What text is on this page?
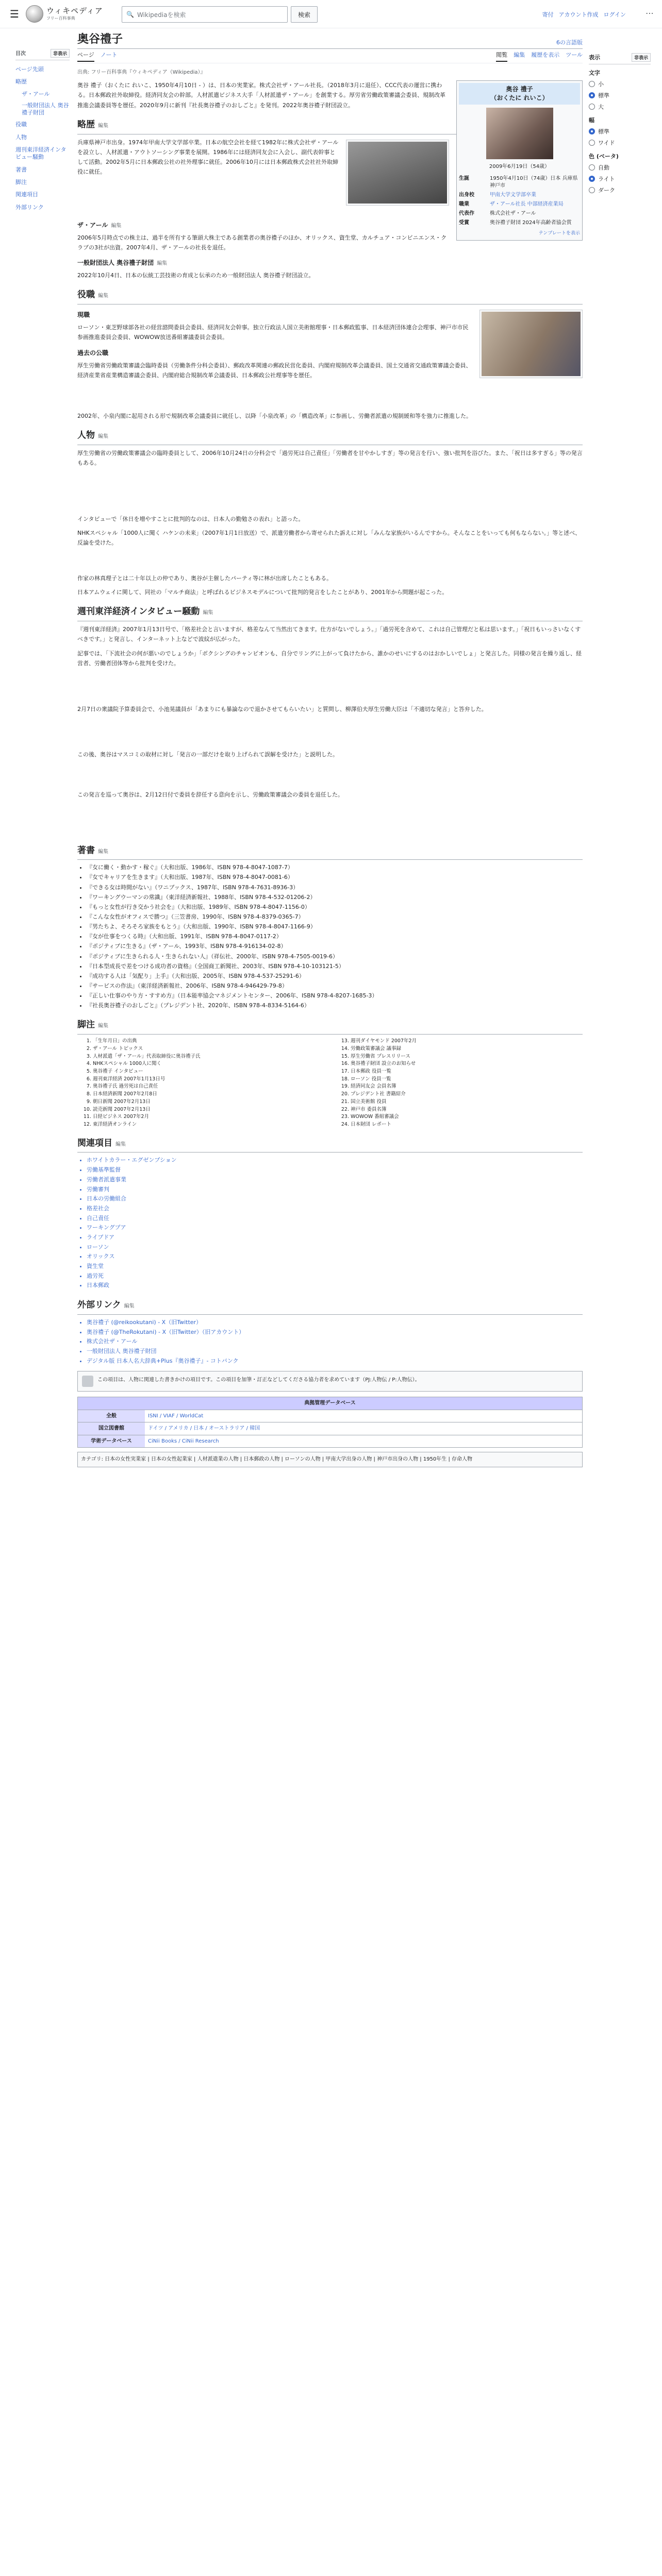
☰	ウィキペディア
フリー百科事典
🔍 Wikipediaを検索	検索	寄付 アカウント作成 ログイン ⋯
目次	非表示
ページ先頭
略歴
ザ・アール
一般財団法人 奥谷禮子財団
役職
人物
週刊東洋経済インタビュー騒動
著書
脚注
関連項目
外部リンク
表示	非表示
文字
小
標準
大
幅
標準
ワイド
色 (ベータ)
自動
ライト
ダーク
奥谷禮子	6の言語版
ページ ノート	閲覧 編集 履歴を表示 ツール
出典: フリー百科事典『ウィキペディア（Wikipedia）』
奥谷 禮子
（おくたに れいこ）
2009年6月19日（54歳）
生誕	1950年4月10日（74歳）日本 兵庫県神戸市
出身校	甲南大学文学部卒業
職業	ザ・アール社長 中部経済産業局
代表作	株式会社ザ・アール
受賞	奥谷禮子財団 2024年高齢者協会賞
テンプレートを表示

奥谷 禮子（おくたに れいこ、1950年4月10日 - ）は、日本の実業家。株式会社ザ・アール社長。（2018年3月に退任）、CCC代表の運営に携わる。日本郵政社外取締役。経済同友会の幹部。人材派遣ビジネス大手「人材派遣ザ・アール」を創業する。厚労省労働政策審議会委員、規制改革推進会議委員等を歴任。2020年9月に新刊『社長奥谷禮子のおしごと』を発刊。2022年奥谷禮子財団設立。

略歴 編集

兵庫県神戸市出身。1974年甲南大学文学部卒業。日本の航空会社を経て1982年に株式会社ザ・アールを設立し、人材派遣・アウトソーシング事業を展開。1986年には経済同友会に入会し、副代表幹事として活動。2002年5月に日本郵政公社の社外理事に就任。2006年10月には日本郵政株式会社社外取締役に就任。

ザ・アール 編集

2006年5月時点での株主は、過半を所有する筆頭大株主である創業者の奥谷禮子のほか、オリックス、資生堂、カルチュア・コンビニエンス・クラブの3社が出資。2007年4月、ザ・アールの社長を退任。

一般財団法人 奥谷禮子財団 編集

2022年10月4日、日本の伝統工芸技術の育成と伝承のため一般財団法人 奥谷禮子財団設立。

役職 編集
現職

ローソン・東芝野球部各社の経営諮問委員会委員、経済同友会幹事。独立行政法人国立美術館理事・日本郵政監事、日本経済団体連合会理事、神戸市市民参画推進委員会委員、WOWOW放送番組審議委員会委員。

過去の公職

厚生労働省労働政策審議会臨時委員（労働条件分科会委員）、郵政改革関連の郵政民営化委員、内閣府規制改革会議委員、国土交通省交通政策審議会委員、経済産業省産業構造審議会委員、内閣府総合規制改革会議委員、日本郵政公社理事等を歴任。

2002年、小泉内閣に起用される形で規制改革会議委員に就任し、以降「小泉改革」の「構造改革」に参画し、労働者派遣の規制緩和等を強力に推進した。

人物 編集

厚生労働省の労働政策審議会の臨時委員として、2006年10月24日の分科会で「過労死は自己責任」「労働者を甘やかしすぎ」等の発言を行い、強い批判を浴びた。また、「祝日は多すぎる」等の発言もある。

インタビューで「休日を増やすことに批判的なのは、日本人の勤勉さの表れ」と語った。

NHKスペシャル「1000人に聞く ハケンの未来」（2007年1月1日放送）で、派遣労働者から寄せられた訴えに対し「みんな家族がいるんですから。そんなことをいっても何もならない。」等と述べ、反論を受けた。

作家の林真理子とは二十年以上の仲であり、奥谷が主催したパーティ等に林が出席したこともある。

日本アムウェイに関して、同社の「マルチ商法」と呼ばれるビジネスモデルについて批判的発言をしたことがあり、2001年から問題が起こった。

週刊東洋経済インタビュー騒動 編集

『週刊東洋経済』2007年1月13日号で、「格差社会と言いますが、格差なんて当然出てきます。仕方がないでしょう。」「過労死を含めて、これは自己管理だと私は思います。」「祝日もいっさいなくすべきです。」と発言し、インターネット上などで波紋が広がった。

記事では、「下流社会の何が悪いのでしょうか」「ボクシングのチャンピオンも、自分でリングに上がって負けたから、誰かのせいにするのはおかしいでしょ」と発言した。同様の発言を繰り返し、経営者、労働者団体等から批判を受けた。

2月7日の衆議院予算委員会で、小池晃議員が「あまりにも暴論なので退かさせてもらいたい」と質問し、柳澤伯夫厚生労働大臣は「不適切な発言」と答弁した。

この後、奥谷はマスコミの取材に対し「発言の一部だけを取り上げられて誤解を受けた」と説明した。

この発言を巡って奥谷は、2月12日付で委員を辞任する意向を示し、労働政策審議会の委員を退任した。

著書 編集
• 『女に働く・動かす・稼ぐ』（大和出版、1986年、ISBN 978-4-8047-1087-7）
• 『女でキャリアを生きます』（大和出版、1987年、ISBN 978-4-8047-0081-6）
• 『できる女は時間がない』（ワニブックス、1987年、ISBN 978-4-7631-8936-3）
• 『ワーキングウーマンの常識』（東洋経済新報社、1988年、ISBN 978-4-532-01206-2）
• 『もっと女性が行き交かう社会を』（大和出版、1989年、ISBN 978-4-8047-1156-0）
• 『こんな女性がオフィスで勝つ』（三笠書房、1990年、ISBN 978-4-8379-0365-7）
• 『男たちよ、そろそろ家族をもとう』（大和出版、1990年、ISBN 978-4-8047-1166-9）
• 『女が仕事をつくる時』（大和出版、1991年、ISBN 978-4-8047-0117-2）
• 『ポジティブに生きる』（ザ・アール、1993年、ISBN 978-4-916134-02-8）
• 『ポジティブに生きられる人・生きられない人』（祥伝社、2000年、ISBN 978-4-7505-0019-6）
• 『日本型成長で差をつける成功者の資格』（全国商工新聞社、2003年、ISBN 978-4-10-103121-5）
• 『成功する人は「気配り」上手』（大和出版、2005年、ISBN 978-4-537-25291-6）
• 『サービスの作法』（東洋経済新報社、2006年、ISBN 978-4-946429-79-8）
• 『正しい仕事のやり方・すすめ方』（日本能率協会マネジメントセンター、2006年、ISBN 978-4-8207-1685-3）
• 『社長奥谷禮子のおしごと』（プレジデント社、2020年、ISBN 978-4-8334-5164-6）
脚注 編集
1. 「生年月日」の出典
2. ザ・アール トピックス
3. 人材派遣「ザ・アール」代表取締役に奥谷禮子氏
4. NHKスペシャル 1000人に聞く
5. 奥谷禮子 インタビュー
6. 週刊東洋経済 2007年1月13日号
7. 奥谷禮子氏 過労死は自己責任
8. 日本経済新聞 2007年2月8日
9. 朝日新聞 2007年2月13日
10. 読売新聞 2007年2月13日
11. 日経ビジネス 2007年2月
12. 東洋経済オンライン
13. 週刊ダイヤモンド 2007年2月
14. 労働政策審議会 議事録
15. 厚生労働省 プレスリリース
16. 奥谷禮子財団 設立のお知らせ
17. 日本郵政 役員一覧
18. ローソン 役員一覧
19. 経済同友会 会員名簿
20. プレジデント社 書籍紹介
21. 国立美術館 役員
22. 神戸市 委員名簿
23. WOWOW 番組審議会
24. 日本財団 レポート
関連項目 編集
• ホワイトカラー・エグゼンプション
• 労働基準監督
• 労働者派遣事業
• 労働審判
• 日本の労働組合
• 格差社会
• 自己責任
• ワーキングプア
• ライブドア
• ローソン
• オリックス
• 資生堂
• 過労死
• 日本郵政
外部リンク 編集
• 奥谷禮子 (@reikookutani) - X（旧Twitter）
• 奥谷禮子 (@TheRokutani) - X（旧Twitter）（旧アカウント）
• 株式会社ザ・アール
• 一般財団法人 奥谷禮子財団
• デジタル版 日本人名大辞典+Plus『奥谷禮子』- コトバンク
この項目は、人物に関連した書きかけの項目です。この項目を加筆・訂正などしてくださる協力者を求めています（PJ:人物伝 / P:人物伝）。
典拠管理データベース
全般	ISNI / VIAF / WorldCat
国立図書館	ドイツ / アメリカ / 日本 / オーストラリア / 韓国
学術データベース	CiNii Books / CiNii Research
カテゴリ: 日本の女性実業家 | 日本の女性起業家 | 人材派遣業の人物 | 日本郵政の人物 | ローソンの人物 | 甲南大学出身の人物 | 神戸市出身の人物 | 1950年生 | 存命人物
